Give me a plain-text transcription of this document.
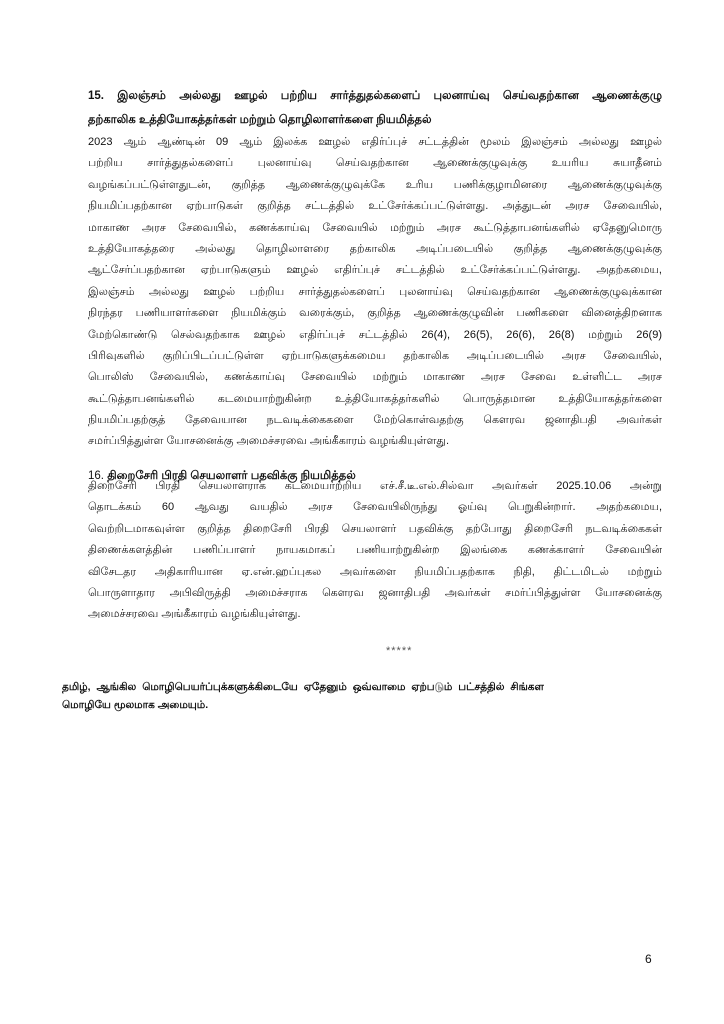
15. இலஞ்சம் அல்லது ஊழல் பற்றிய சார்த்துதல்களைப் புலனாய்வு செய்வதற்கான ஆணைக்குழு
தற்காலிக உத்தியோகத்தர்கள் மற்றும் தொழிலாளர்களை நியமித்தல்
2023 ஆம் ஆண்டின் 09 ஆம் இலக்க ஊழல் எதிர்ப்புச் சட்டத்தின் மூலம் இலஞ்சம் அல்லது ஊழல்
பற்றிய சார்த்துதல்களைப் புலனாய்வு செய்வதற்கான ஆணைக்குழுவுக்கு உயரிய சுயாதீனம்
வழங்கப்பட்டுள்ளதுடன், குறித்த ஆணைக்குழுவுக்கே உரிய பணிக்குழாமினரை ஆணைக்குழுவுக்கு
நியமிப்பதற்கான ஏற்பாடுகள் குறித்த சட்டத்தில் உட்சேர்க்கப்பட்டுள்ளது. அத்துடன் அரச சேவையில்,
மாகாண அரச சேவையில், கணக்காய்வு சேவையில் மற்றும் அரச கூட்டுத்தாபனங்களில் ஏதேனுமொரு
உத்தியோகத்தரை அல்லது தொழிலாளரை தற்காலிக அடிப்படையில் குறித்த ஆணைக்குழுவுக்கு
ஆட்சேர்ப்பதற்கான ஏற்பாடுகளும் ஊழல் எதிர்ப்புச் சட்டத்தில் உட்சேர்க்கப்பட்டுள்ளது. அதற்கமைய,
இலஞ்சம் அல்லது ஊழல் பற்றிய சார்த்துதல்களைப் புலனாய்வு செய்வதற்கான ஆணைக்குழுவுக்கான
நிரந்தர பணியாளர்களை நியமிக்கும் வரைக்கும், குறித்த ஆணைக்குழுவின் பணிகளை வினைத்திறனாக
மேற்கொண்டு செல்வதற்காக ஊழல் எதிர்ப்புச் சட்டத்தில் 26(4), 26(5), 26(6), 26(8) மற்றும் 26(9)
பிரிவுகளில் குறிப்பிடப்பட்டுள்ள ஏற்பாடுகளுக்கமைய தற்காலிக அடிப்படையில் அரச சேவையில்,
பொலிஸ் சேவையில், கணக்காய்வு சேவையில் மற்றும் மாகாண அரச சேவை உள்ளிட்ட அரச
கூட்டுத்தாபனங்களில் கடமையாற்றுகின்ற உத்தியோகத்தர்களில் பொருத்தமான உத்தியோகத்தர்களை
நியமிப்பதற்குத் தேவையான நடவடிக்கைகளை மேற்கொள்வதற்கு கௌரவ ஜனாதிபதி அவர்கள்
சமர்ப்பித்துள்ள யோசனைக்கு அமைச்சரவை அங்கீகாரம் வழங்கியுள்ளது.
16. திறைசேரி பிரதி செயலாளர் பதவிக்கு நியமித்தல்
திறைசேரி பிரதி செயலாளராக கடமையாற்றிய எச்.சீ.டீ.எல்.சில்வா அவர்கள் 2025.10.06 அன்று
தொடக்கம் 60 ஆவது வயதில் அரச சேவையிலிருந்து ஓய்வு பெறுகின்றார். அதற்கமைய,
வெற்றிடமாகவுள்ள குறித்த திறைசேரி பிரதி செயலாளர் பதவிக்கு தற்போது திறைசேரி நடவடிக்கைகள்
திணைக்களத்தின் பணிப்பாளர் நாயகமாகப் பணியாற்றுகின்ற இலங்கை கணக்காளர் சேவையின்
விசேடதர அதிகாரியான ஏ.என்.ஹப்புகல அவர்களை நியமிப்பதற்காக நிதி, திட்டமிடல் மற்றும்
பொருளாதார அபிவிருத்தி அமைச்சராக கௌரவ ஜனாதிபதி அவர்கள் சமர்ப்பித்துள்ள யோசனைக்கு
அமைச்சரவை அங்கீகாரம் வழங்கியுள்ளது.
*****
தமிழ், ஆங்கில மொழிபெயர்ப்புக்களுக்கிடையே ஏதேனும் ஒவ்வாமை ஏற்படும் பட்சத்தில் சிங்கள
மொழியே மூலமாக அமையும்.
6
